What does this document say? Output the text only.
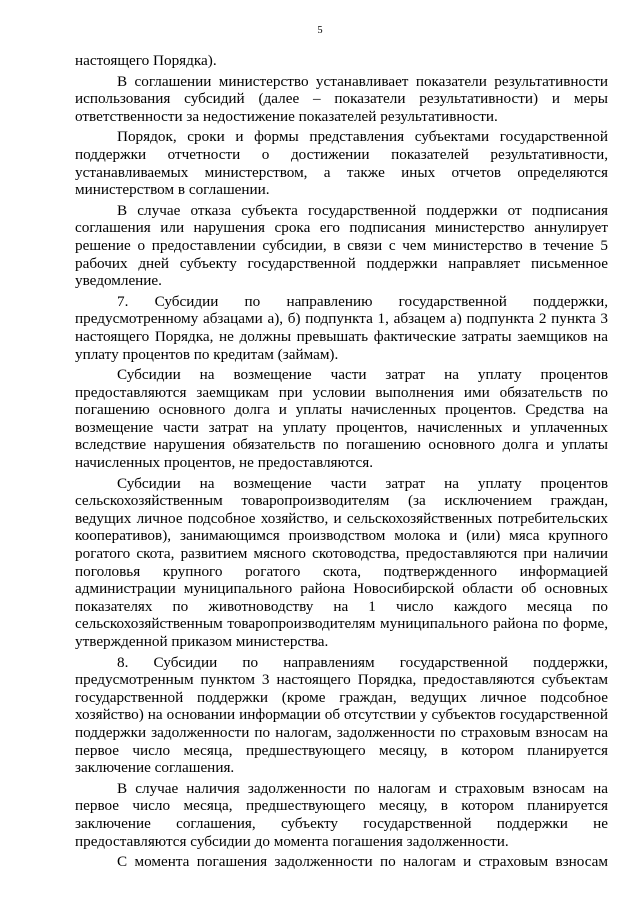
5

настоящего Порядка).

В соглашении министерство устанавливает показатели результативности использования субсидий (далее – показатели результативности) и меры ответственности за недостижение показателей результативности.

Порядок, сроки и формы представления субъектами государственной поддержки отчетности о достижении показателей результативности, устанавливаемых министерством, а также иных отчетов определяются министерством в соглашении.

В случае отказа субъекта государственной поддержки от подписания соглашения или нарушения срока его подписания министерство аннулирует решение о предоставлении субсидии, в связи с чем министерство в течение 5 рабочих дней субъекту государственной поддержки направляет письменное уведомление.

7. Субсидии по направлению государственной поддержки, предусмотренному абзацами а), б) подпункта 1, абзацем а) подпункта 2 пункта 3 настоящего Порядка, не должны превышать фактические затраты заемщиков на уплату процентов по кредитам (займам).

Субсидии на возмещение части затрат на уплату процентов предоставляются заемщикам при условии выполнения ими обязательств по погашению основного долга и уплаты начисленных процентов. Средства на возмещение части затрат на уплату процентов, начисленных и уплаченных вследствие нарушения обязательств по погашению основного долга и уплаты начисленных процентов, не предоставляются.

Субсидии на возмещение части затрат на уплату процентов сельскохозяйственным товаропроизводителям (за исключением граждан, ведущих личное подсобное хозяйство, и сельскохозяйственных потребительских кооперативов), занимающимся производством молока и (или) мяса крупного рогатого скота, развитием мясного скотоводства, предоставляются при наличии поголовья крупного рогатого скота, подтвержденного информацией администрации муниципального района Новосибирской области об основных показателях по животноводству на 1 число каждого месяца по сельскохозяйственным товаропроизводителям муниципального района по форме, утвержденной приказом министерства.

8. Субсидии по направлениям государственной поддержки, предусмотренным пунктом 3 настоящего Порядка, предоставляются субъектам государственной поддержки (кроме граждан, ведущих личное подсобное хозяйство) на основании информации об отсутствии у субъектов государственной поддержки задолженности по налогам, задолженности по страховым взносам на первое число месяца, предшествующего месяцу, в котором планируется заключение соглашения.

В случае наличия задолженности по налогам и страховым взносам на первое число месяца, предшествующего месяцу, в котором планируется заключение соглашения, субъекту государственной поддержки не предоставляются субсидии до момента погашения задолженности.

С момента погашения задолженности по налогам и страховым взносам
